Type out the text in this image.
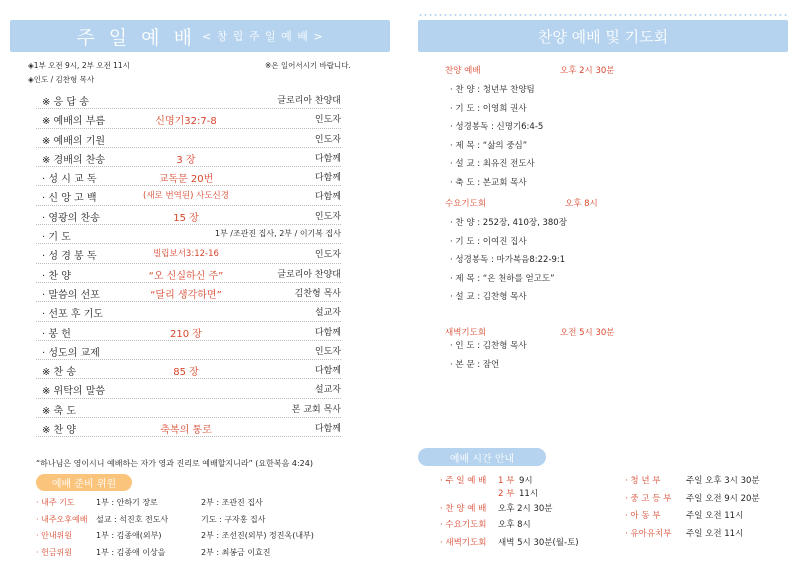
주 일 예 배 < 창 립 주 일 예 배 >
◈1부 오전 9시, 2부 오전 11시	※온 일어서시기 바랍니다.
◈인도 / 김찬형 목사
※ 응 답 송	글로리아 찬양대
※ 예배의 부름	신명기32:7-8	인도자
※ 예배의 기원	인도자
※ 경배의 찬송	3 장	다함께
· 성 시 교 독	교독문 20번	다함께
· 신 앙 고 백	(새로 번역된) 사도신경	다함께
· 영광의 찬송	15 장	인도자
· 기 도	1부 /조관진 집사, 2부 / 이기복 집사
· 성 경 봉 독	빌립보서3:12-16	인도자
· 찬 양	“오 신실하신 주”	글로리아 찬양대
· 말씀의 선포	“달리 생각하면”	김찬형 목사
· 선포 후 기도	설교자
· 봉 헌	210 장	다함께
· 성도의 교제	인도자
※ 찬 송	85 장	다함께
※ 위탁의 말씀	설교자
※ 축 도	본 교회 목사
※ 찬 양	축복의 통로	다함께
“하나님은 영이시니 예배하는 자가 영과 진리로 예배할지니라” (요한복음 4:24)
예배 준비 위원
· 내주 기도	1부 : 안하기 장로	2부 : 조관진 집사
· 내주오후예배 설교 : 석진호 전도사	기도 : 구자홍 집사
· 안내위원	1부 : 김종애(외부)	2부 : 조선진(외부) 정진옥(내부)
· 헌금위원	1부 : 김종애 이상을	2부 : 최봉금 이효진
찬양 예배 및 기도회
찬양 예배	오후 2시 30분
· 찬 양 : 청년부 찬양팀
· 기 도 : 이영희 권사
· 성경봉독 : 신명기6:4-5
· 제 목 : “삶의 중심”
· 설 교 : 최유진 전도사
· 축 도 : 본교회 목사
수요기도회	오후 8시
· 찬 양 : 252장, 410장, 380장
· 기 도 : 이여진 집사
· 성경봉독 : 마가복음8:22-9:1
· 제 목 : “온 천하를 얻고도”
· 설 교 : 김찬형 목사
새벽기도회	오전 5시 30분
· 인 도 : 김찬형 목사
· 본 문 : 잠언
예배 시간 안내
· 주 일 예 배 1 부 9시
2 부 11시
· 찬 양 예 배 오후 2시 30분
· 수요기도회 오후 8시
· 새벽기도회 새벽 5시 30분(월-토)
· 청 년 부	주일 오후 3시 30분
· 중 고 등 부 주일 오전 9시 20분
· 아 동 부	주일 오전 11시
· 유아유치부 주일 오전 11시
